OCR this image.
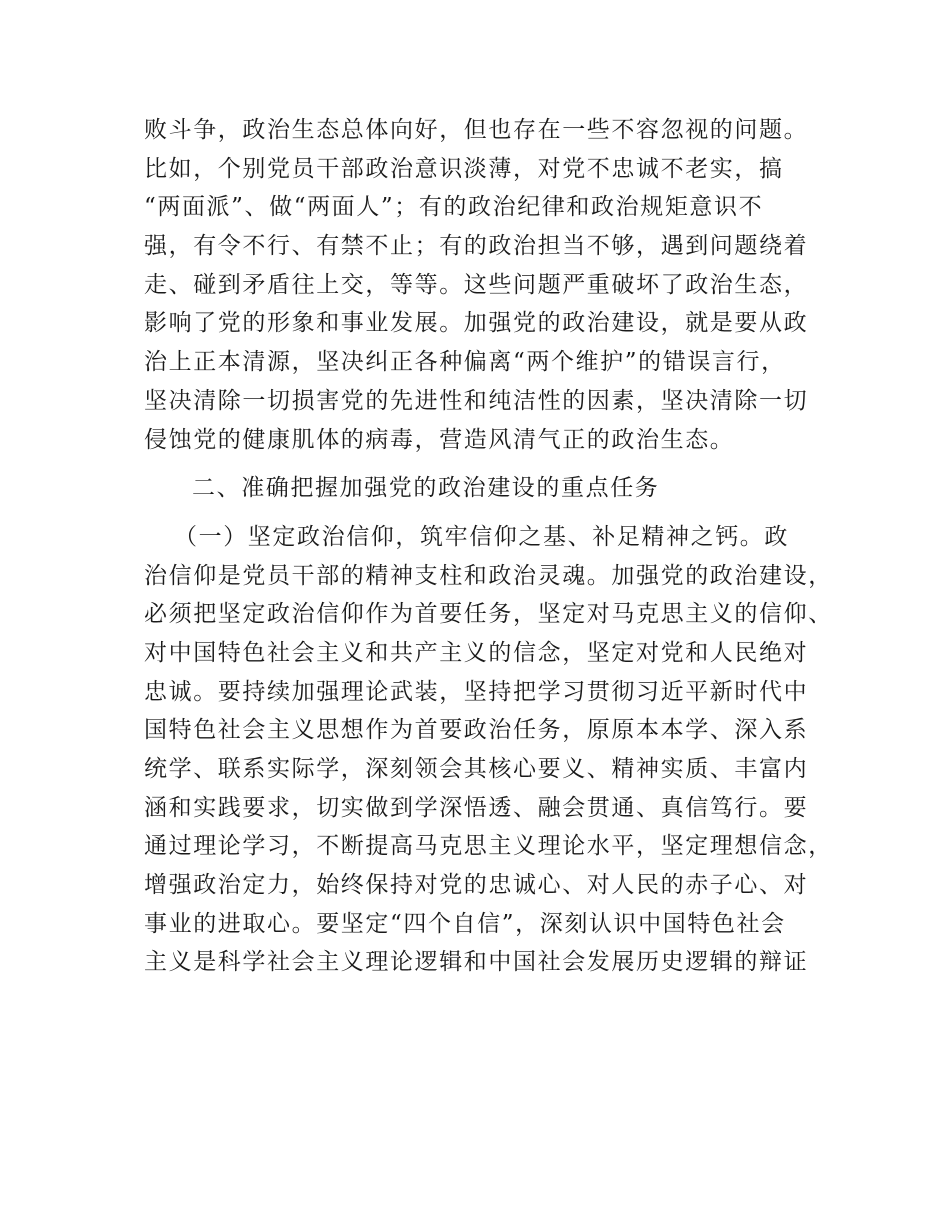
败斗争，政治生态总体向好，但也存在一些不容忽视的问题。
比如，个别党员干部政治意识淡薄，对党不忠诚不老实，搞
“两面派”、做“两面人”；有的政治纪律和政治规矩意识不
强，有令不行、有禁不止；有的政治担当不够，遇到问题绕着
走、碰到矛盾往上交，等等。这些问题严重破坏了政治生态，
影响了党的形象和事业发展。加强党的政治建设，就是要从政
治上正本清源，坚决纠正各种偏离“两个维护”的错误言行，
坚决清除一切损害党的先进性和纯洁性的因素，坚决清除一切
侵蚀党的健康肌体的病毒，营造风清气正的政治生态。
二、准确把握加强党的政治建设的重点任务
（一）坚定政治信仰，筑牢信仰之基、补足精神之钙。政
治信仰是党员干部的精神支柱和政治灵魂。加强党的政治建设，
必须把坚定政治信仰作为首要任务，坚定对马克思主义的信仰、
对中国特色社会主义和共产主义的信念，坚定对党和人民绝对
忠诚。要持续加强理论武装，坚持把学习贯彻习近平新时代中
国特色社会主义思想作为首要政治任务，原原本本学、深入系
统学、联系实际学，深刻领会其核心要义、精神实质、丰富内
涵和实践要求，切实做到学深悟透、融会贯通、真信笃行。要
通过理论学习，不断提高马克思主义理论水平，坚定理想信念，
增强政治定力，始终保持对党的忠诚心、对人民的赤子心、对
事业的进取心。要坚定“四个自信”，深刻认识中国特色社会
主义是科学社会主义理论逻辑和中国社会发展历史逻辑的辩证
